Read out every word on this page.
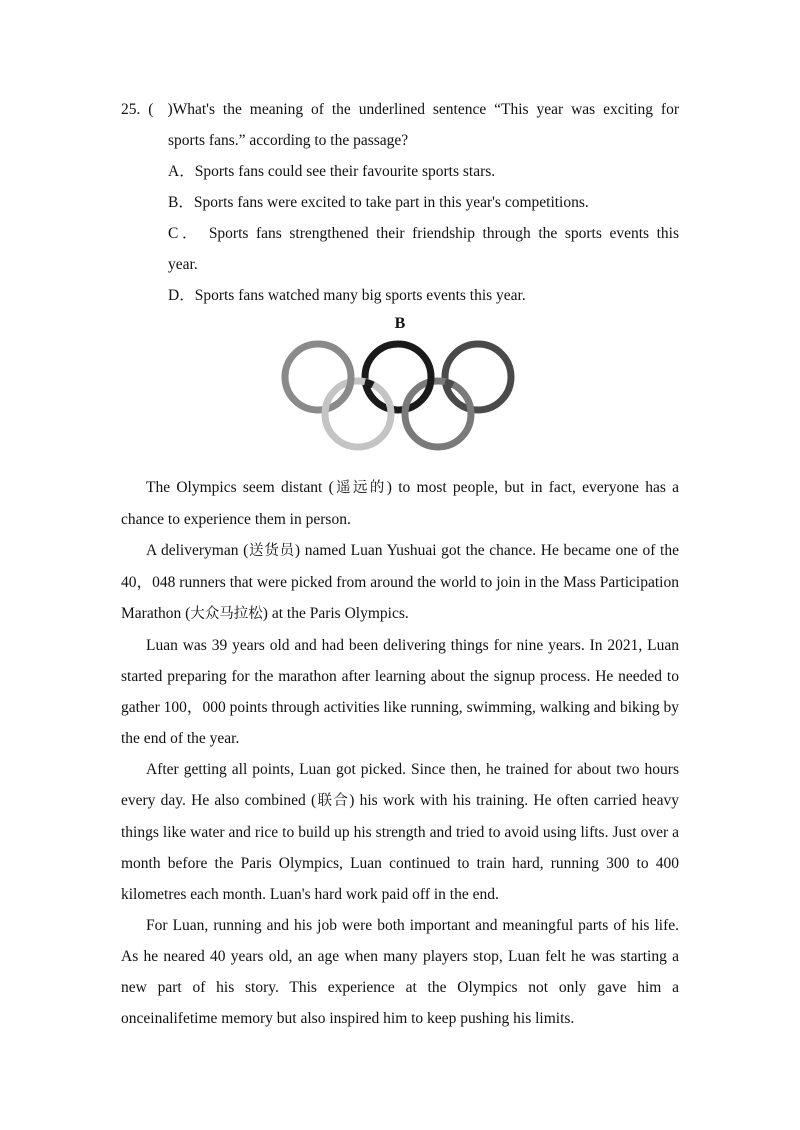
25. ( )What's the meaning of the underlined sentence “This year was exciting for
sports fans.” according to the passage?
A．Sports fans could see their favourite sports stars.
B．Sports fans were excited to take part in this year's competitions.
C． Sports fans strengthened their friendship through the sports events this
year.
D．Sports fans watched many big sports events this year.
B

The Olympics seem distant (遥远的) to most people, but in fact, everyone has a chance to experience them in person.

A deliveryman (送货员) named Luan Yushuai got the chance. He became one of the 40，048 runners that were picked from around the world to join in the Mass Participation Marathon (大众马拉松) at the Paris Olympics.

Luan was 39 years old and had been delivering things for nine years. In 2021, Luan started preparing for the marathon after learning about the signup process. He needed to gather 100，000 points through activities like running, swimming, walking and biking by the end of the year.

After getting all points, Luan got picked. Since then, he trained for about two hours every day. He also combined (联合) his work with his training. He often carried heavy things like water and rice to build up his strength and tried to avoid using lifts. Just over a month before the Paris Olympics, Luan continued to train hard, running 300 to 400 kilometres each month. Luan's hard work paid off in the end.

For Luan, running and his job were both important and meaningful parts of his life. As he neared 40 years old, an age when many players stop, Luan felt he was starting a new part of his story. This experience at the Olympics not only gave him a onceinalifetime memory but also inspired him to keep pushing his limits.
